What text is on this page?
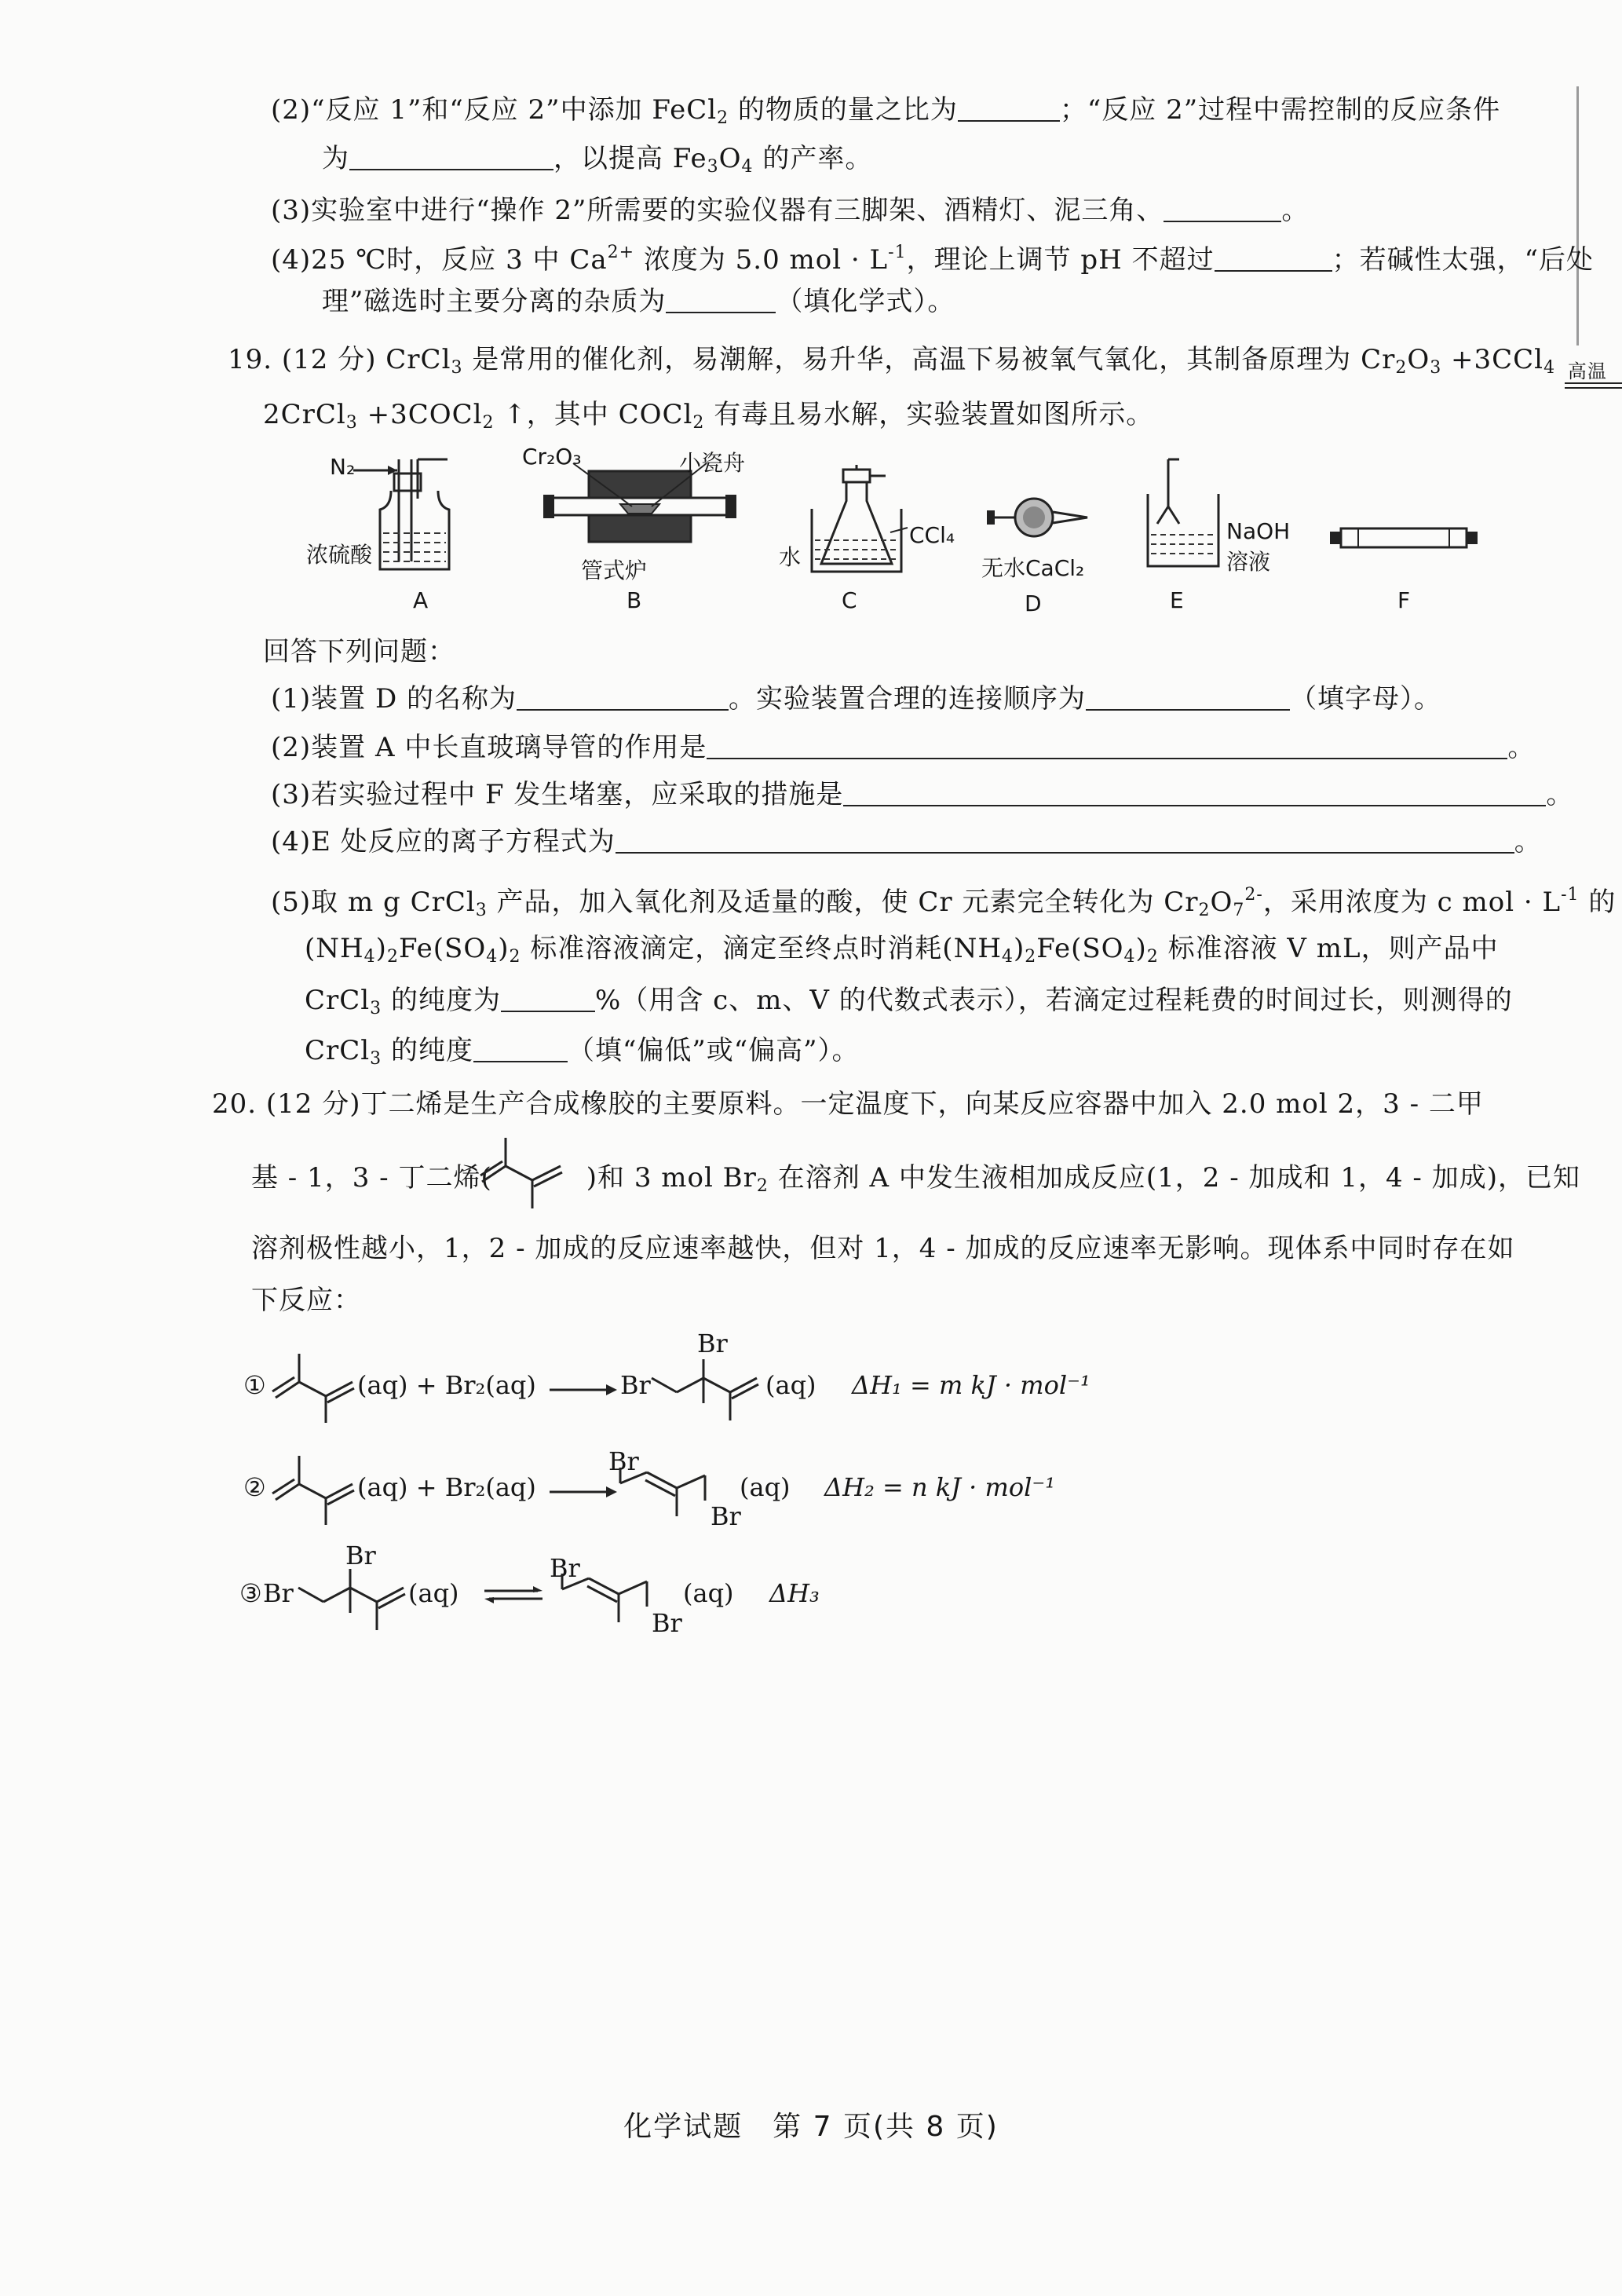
(2)“反应 1”和“反应 2”中添加 FeCl$_2$ 的物质的量之比为	；“反应 2”过程中需控制的反应条件
为	，以提高 $Fe_3O_4$ 的产率。
(3)实验室中进行“操作 2”所需要的实验仪器有三脚架、酒精灯、泥三角、	。
(4)25 ℃时，反应 3 中 $Ca^{2+}$ 浓度为 5.0 mol · $L^{-1}$，理论上调节 pH 不超过	；若碱性太强，“后处
理”磁选时主要分离的杂质为	（填化学式）。
19. (12 分) CrCl$_3$ 是常用的催化剂，易潮解，易升华，高温下易被氧气氧化，其制备原理为 $Cr_2O_3 +3CCl_4$ 高温
2CrCl$_3$ +3COCl$_2$ ↑，其中 COCl$_2$ 有毒且易水解，实验装置如图所示。
N₂
浓硫酸
Cr₂O₃	小瓷舟
管式炉
水
CCl₄
无水CaCl₂
NaOH
溶液
A	B	C	D	E	F
回答下列问题：
(1)装置 D 的名称为	。实验装置合理的连接顺序为	（填字母）。
(2)装置 A 中长直玻璃导管的作用是	。
(3)若实验过程中 F 发生堵塞，应采取的措施是	。
(4)E 处反应的离子方程式为	。
(5)取 m g CrCl$_3$ 产品，加入氧化剂及适量的酸，使 Cr 元素完全转化为 $Cr_2O_7^{2-}$，采用浓度为 c mol · $L^{-1}$ 的
$(NH_4)_2Fe(SO_4)_2$ 标准溶液滴定，滴定至终点时消耗$(NH_4)_2Fe(SO_4)_2$ 标准溶液 V mL，则产品中
CrCl$_3$ 的纯度为	%（用含 c、m、V 的代数式表示），若滴定过程耗费的时间过长，则测得的
CrCl$_3$ 的纯度	（填“偏低”或“偏高”）。
20. (12 分)丁二烯是生产合成橡胶的主要原料。一定温度下，向某反应容器中加入 2.0 mol 2，3 - 二甲
基 - 1，3 - 丁二烯(	)和 3 mol $Br_2$ 在溶剂 A 中发生液相加成反应(1，2 - 加成和 1，4 - 加成)，已知
溶剂极性越小，1，2 - 加成的反应速率越快，但对 1，4 - 加成的反应速率无影响。现体系中同时存在如
下反应：
①	(aq) + Br₂(aq)	Br
Br
(aq) ΔH₁ = m kJ · mol⁻¹
②	(aq) + Br₂(aq)
Br
Br
(aq) ΔH₂ = n kJ · mol⁻¹
③ Br
Br
(aq)
Br
Br
(aq) ΔH₃
化学试题　第 7 页(共 8 页)
